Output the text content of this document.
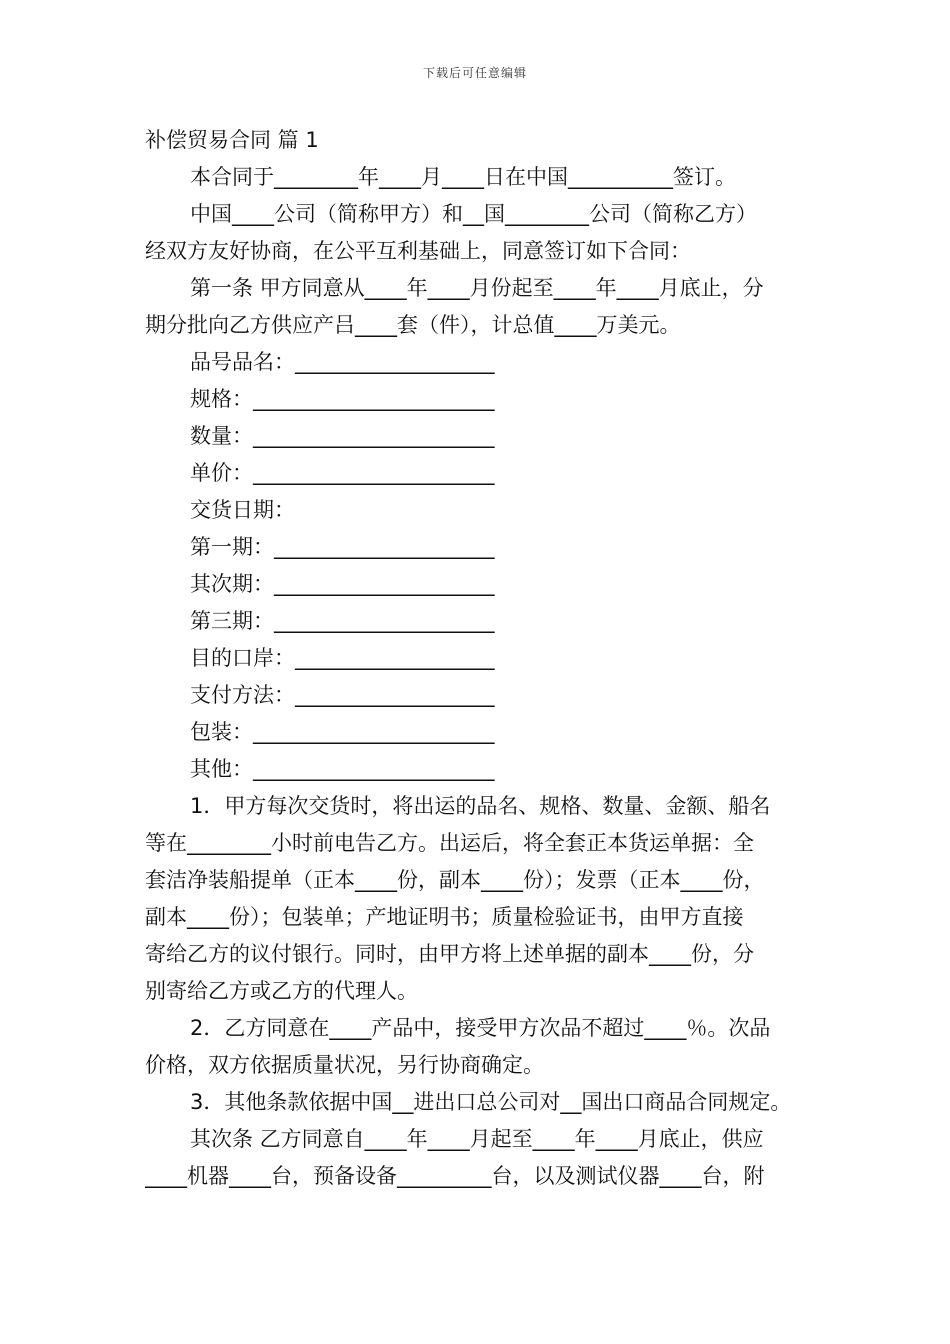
下载后可任意编辑
补偿贸易合同 篇 1
本合同于________年____月____日在中国__________签订。
中国____公司（简称甲方）和__国________公司（简称乙方）
经双方友好协商，在公平互利基础上，同意签订如下合同：
第一条 甲方同意从____年____月份起至____年____月底止，分
期分批向乙方供应产吕____套（件），计总值____万美元。
品号品名：___________________
规格：_______________________
数量：_______________________
单价：_______________________
交货日期：
第一期：_____________________
其次期：_____________________
第三期：_____________________
目的口岸：___________________
支付方法：___________________
包装：_______________________
其他：_______________________
1．甲方每次交货时，将出运的品名、规格、数量、金额、船名
等在________小时前电告乙方。出运后，将全套正本货运单据：全
套洁净装船提单（正本____份，副本____份）；发票（正本____份，
副本____份）；包装单；产地证明书；质量检验证书，由甲方直接
寄给乙方的议付银行。同时，由甲方将上述单据的副本____份，分
别寄给乙方或乙方的代理人。
2．乙方同意在____产品中，接受甲方次品不超过____％。次品
价格，双方依据质量状况，另行协商确定。
3．其他条款依据中国__进出口总公司对__国出口商品合同规定。
其次条 乙方同意自____年____月起至____年____月底止，供应
____机器____台，预备设备_________台，以及测试仪器____台，附
